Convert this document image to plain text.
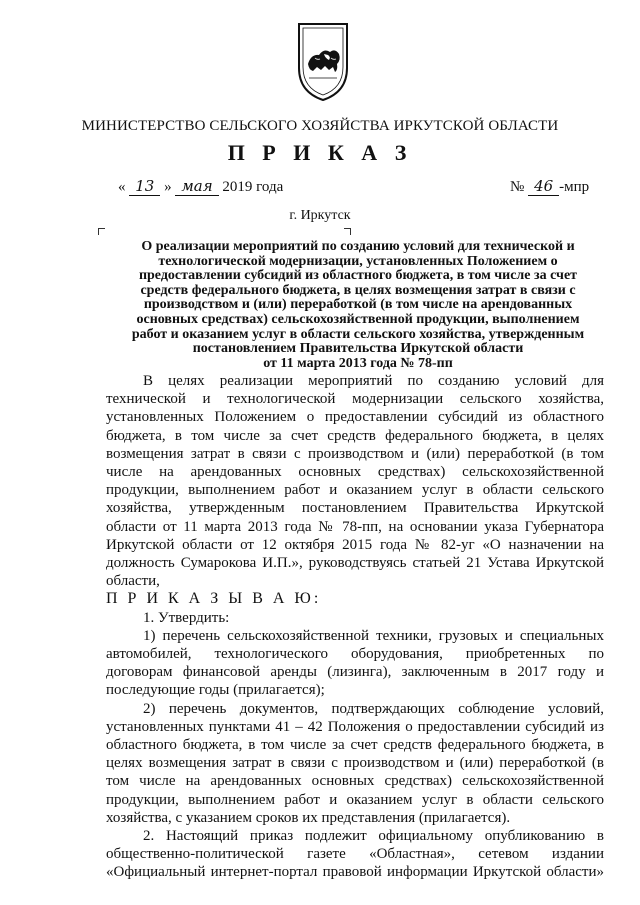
МИНИСТЕРСТВО СЕЛЬСКОГО ХОЗЯЙСТВА ИРКУТСКОЙ ОБЛАСТИ
П Р И К А З
« 13 » мая 2019 года	№ 46 -мпр
г. Иркутск
О реализации мероприятий по созданию условий для технической и
технологической модернизации, установленных Положением о
предоставлении субсидий из областного бюджета, в том числе за счет
средств федерального бюджета, в целях возмещения затрат в связи с
производством и (или) переработкой (в том числе на арендованных
основных средствах) сельскохозяйственной продукции, выполнением
работ и оказанием услуг в области сельского хозяйства, утвержденным
постановлением Правительства Иркутской области
от 11 марта 2013 года № 78-пп
В целях реализации мероприятий по созданию условий для
технической и технологической модернизации сельского хозяйства,
установленных Положением о предоставлении субсидий из областного
бюджета, в том числе за счет средств федерального бюджета, в целях
возмещения затрат в связи с производством и (или) переработкой (в том
числе на арендованных основных средствах) сельскохозяйственной
продукции, выполнением работ и оказанием услуг в области сельского
хозяйства, утвержденным постановлением Правительства Иркутской
области от 11 марта 2013 года № 78-пп, на основании указа Губернатора
Иркутской области от 12 октября 2015 года № 82-уг «О назначении на
должность Сумарокова И.П.», руководствуясь статьей 21 Устава Иркутской
области,
П Р И К А З Ы В А Ю:
1. Утвердить:
1) перечень сельскохозяйственной техники, грузовых и специальных
автомобилей, технологического оборудования, приобретенных по
договорам финансовой аренды (лизинга), заключенным в 2017 году и
последующие годы (прилагается);
2) перечень документов, подтверждающих соблюдение условий,
установленных пунктами 41 – 42 Положения о предоставлении субсидий из
областного бюджета, в том числе за счет средств федерального бюджета, в
целях возмещения затрат в связи с производством и (или) переработкой (в
том числе на арендованных основных средствах) сельскохозяйственной
продукции, выполнением работ и оказанием услуг в области сельского
хозяйства, с указанием сроков их представления (прилагается).
2. Настоящий приказ подлежит официальному опубликованию в
общественно-политической газете «Областная», сетевом издании
«Официальный интернет-портал правовой информации Иркутской области»
